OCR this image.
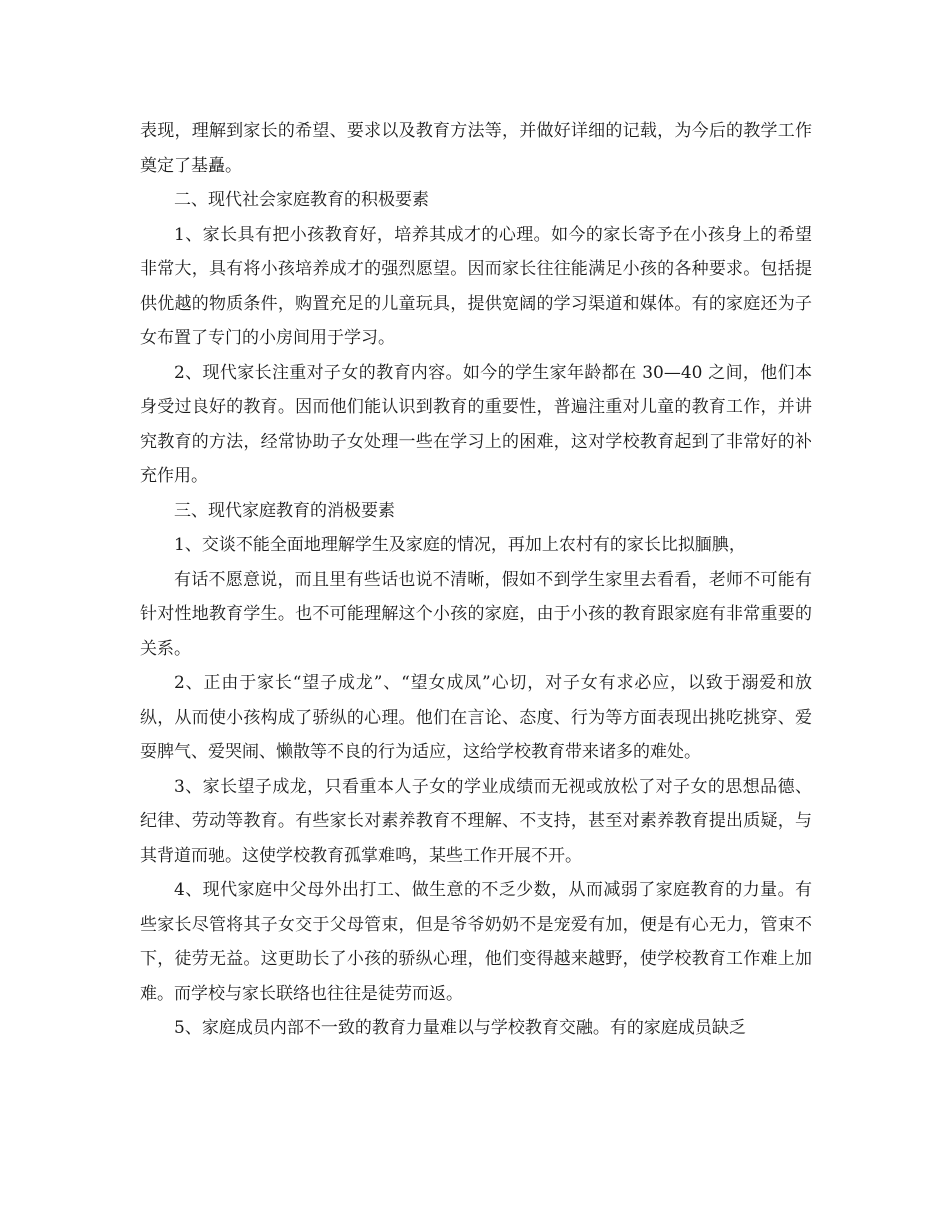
表现，理解到家长的希望、要求以及教育方法等，并做好详细的记载，为今后的教学工作奠定了基矗。

二、现代社会家庭教育的积极要素

1、家长具有把小孩教育好，培养其成才的心理。如今的家长寄予在小孩身上的希望非常大，具有将小孩培养成才的强烈愿望。因而家长往往能满足小孩的各种要求。包括提供优越的物质条件，购置充足的儿童玩具，提供宽阔的学习渠道和媒体。有的家庭还为子女布置了专门的小房间用于学习。

2、现代家长注重对子女的教育内容。如今的学生家年龄都在 30—40 之间，他们本身受过良好的教育。因而他们能认识到教育的重要性，普遍注重对儿童的教育工作，并讲究教育的方法，经常协助子女处理一些在学习上的困难，这对学校教育起到了非常好的补充作用。

三、现代家庭教育的消极要素

1、交谈不能全面地理解学生及家庭的情况，再加上农村有的家长比拟腼腆，

有话不愿意说，而且里有些话也说不清晰，假如不到学生家里去看看，老师不可能有针对性地教育学生。也不可能理解这个小孩的家庭，由于小孩的教育跟家庭有非常重要的关系。

2、正由于家长“望子成龙”、“望女成凤”心切，对子女有求必应，以致于溺爱和放纵，从而使小孩构成了骄纵的心理。他们在言论、态度、行为等方面表现出挑吃挑穿、爱耍脾气、爱哭闹、懒散等不良的行为适应，这给学校教育带来诸多的难处。

3、家长望子成龙，只看重本人子女的学业成绩而无视或放松了对子女的思想品德、纪律、劳动等教育。有些家长对素养教育不理解、不支持，甚至对素养教育提出质疑，与其背道而驰。这使学校教育孤掌难鸣，某些工作开展不开。

4、现代家庭中父母外出打工、做生意的不乏少数，从而减弱了家庭教育的力量。有些家长尽管将其子女交于父母管束，但是爷爷奶奶不是宠爱有加，便是有心无力，管束不下，徒劳无益。这更助长了小孩的骄纵心理，他们变得越来越野，使学校教育工作难上加难。而学校与家长联络也往往是徒劳而返。

5、家庭成员内部不一致的教育力量难以与学校教育交融。有的家庭成员缺乏
